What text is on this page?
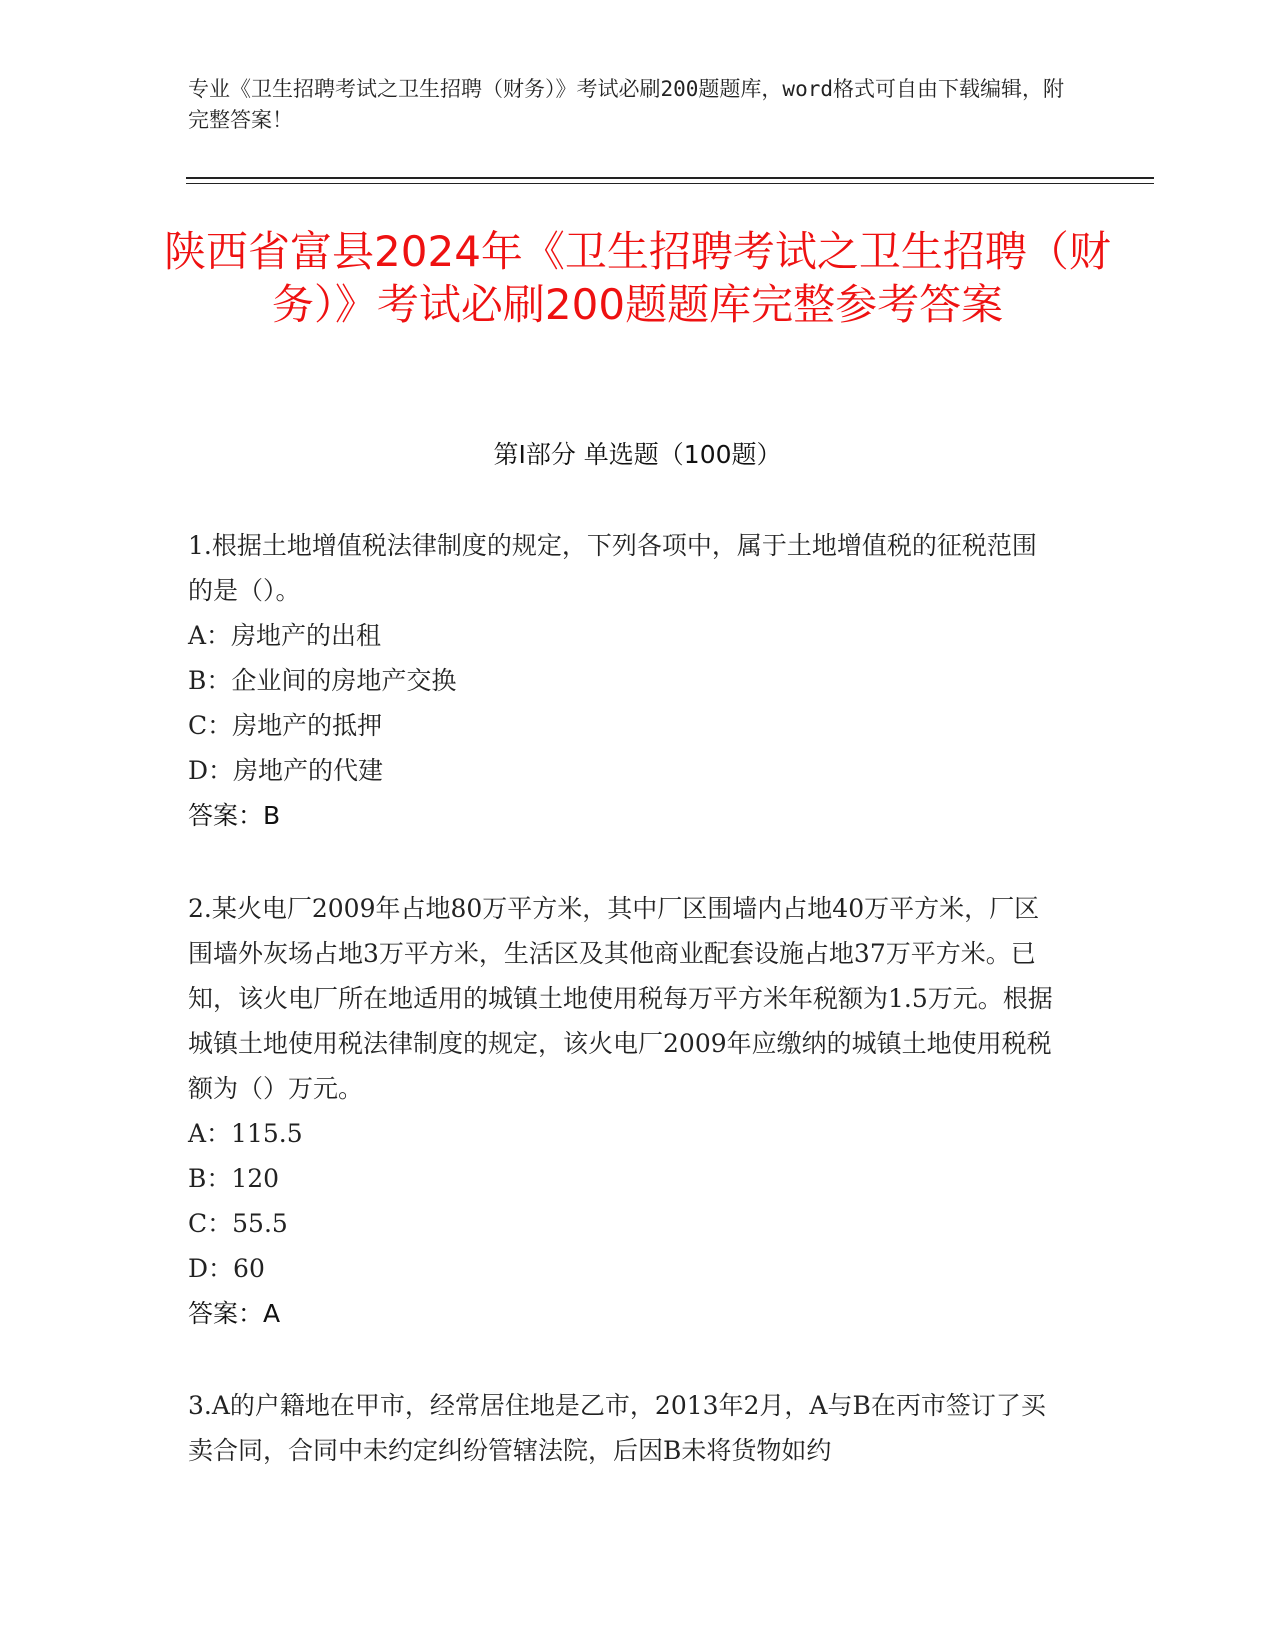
专业《卫生招聘考试之卫生招聘（财务）》考试必刷200题题库，word格式可自由下载编辑，附完整答案！
陕西省富县2024年《卫生招聘考试之卫生招聘（财务）》考试必刷200题题库完整参考答案
第I部分 单选题（100题）
1.根据土地增值税法律制度的规定，下列各项中，属于土地增值税的征税范围的是（）。
A：房地产的出租
B：企业间的房地产交换
C：房地产的抵押
D：房地产的代建
答案：B
2.某火电厂2009年占地80万平方米，其中厂区围墙内占地40万平方米，厂区围墙外灰场占地3万平方米，生活区及其他商业配套设施占地37万平方米。已知，该火电厂所在地适用的城镇土地使用税每万平方米年税额为1.5万元。根据城镇土地使用税法律制度的规定，该火电厂2009年应缴纳的城镇土地使用税税额为（）万元。
A：115.5
B：120
C：55.5
D：60
答案：A
3.A的户籍地在甲市，经常居住地是乙市，2013年2月，A与B在丙市签订了买卖合同，合同中未约定纠纷管辖法院，后因B未将货物如约
